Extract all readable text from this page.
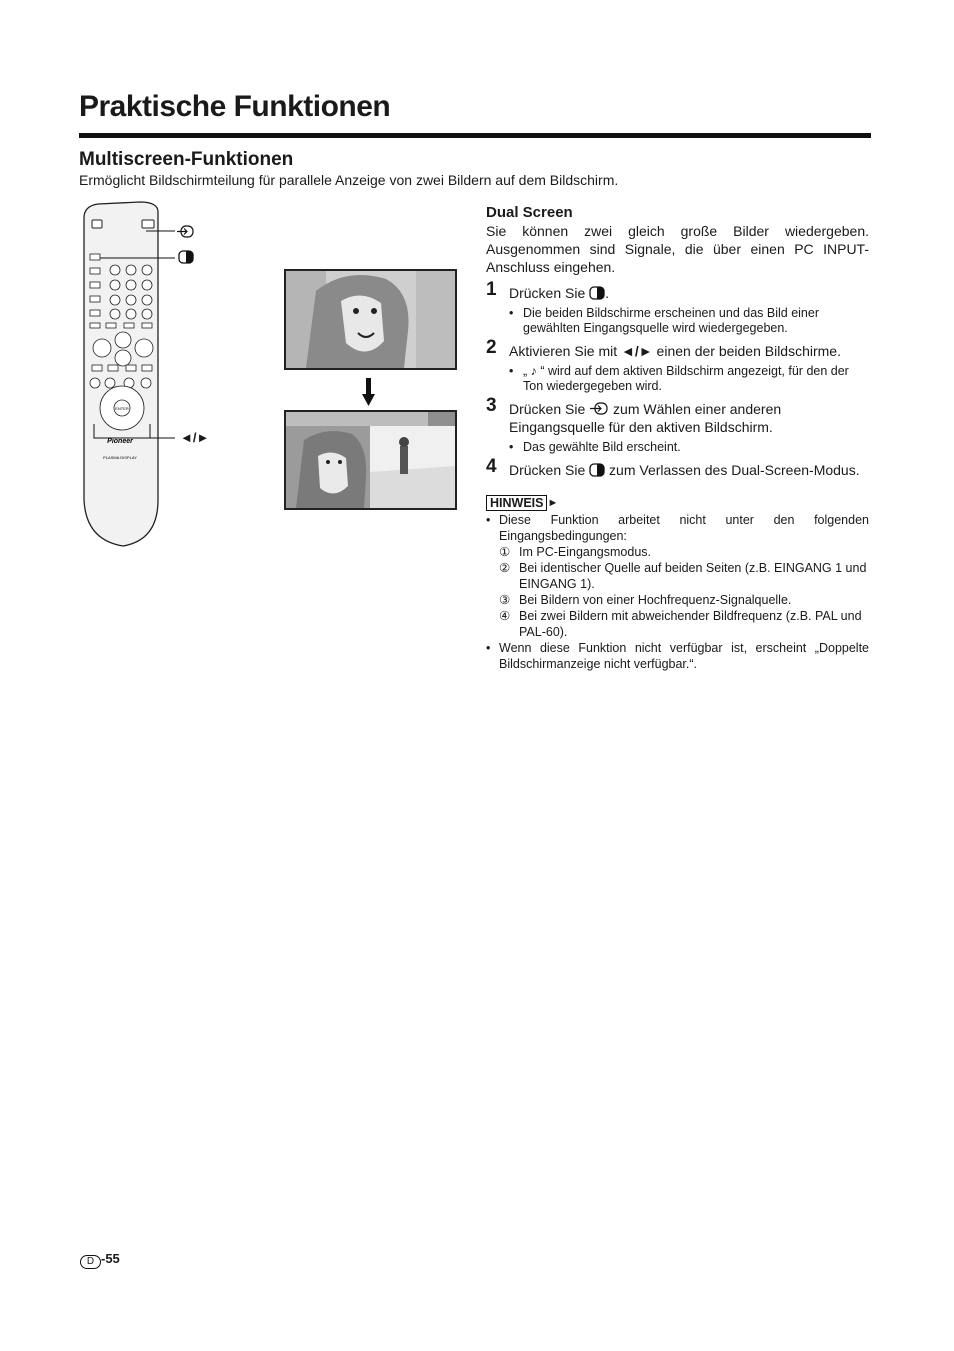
Praktische Funktionen
Multiscreen-Funktionen
Ermöglicht Bildschirmteilung für parallele Anzeige von zwei Bildern auf dem Bildschirm.
ENTER
Pioneer
PLASMA DISPLAY
◄/►
Dual Screen
Sie können zwei gleich große Bilder wiedergeben. Ausgenommen sind Signale, die über einen PC INPUT-Anschluss eingehen.
1 Drücken Sie .
• Die beiden Bildschirme erscheinen und das Bild einer gewählten Eingangsquelle wird wiedergegeben.
2 Aktivieren Sie mit ◄/► einen der beiden Bildschirme.
• „ ♪ “ wird auf dem aktiven Bildschirm angezeigt, für den der Ton wiedergegeben wird.
3 Drücken Sie  zum Wählen einer anderen Eingangsquelle für den aktiven Bildschirm.
• Das gewählte Bild erscheint.
4 Drücken Sie  zum Verlassen des Dual-Screen-Modus.
HINWEIS ►
• Diese Funktion arbeitet nicht unter den folgenden Eingangsbedingungen:
① Im PC-Eingangsmodus.
② Bei identischer Quelle auf beiden Seiten (z.B. EINGANG 1 und EINGANG 1).
③ Bei Bildern von einer Hochfrequenz-Signalquelle.
④ Bei zwei Bildern mit abweichender Bildfrequenz (z.B. PAL und PAL-60).
• Wenn diese Funktion nicht verfügbar ist, erscheint „Doppelte Bildschirmanzeige nicht verfügbar.“.
D -55
